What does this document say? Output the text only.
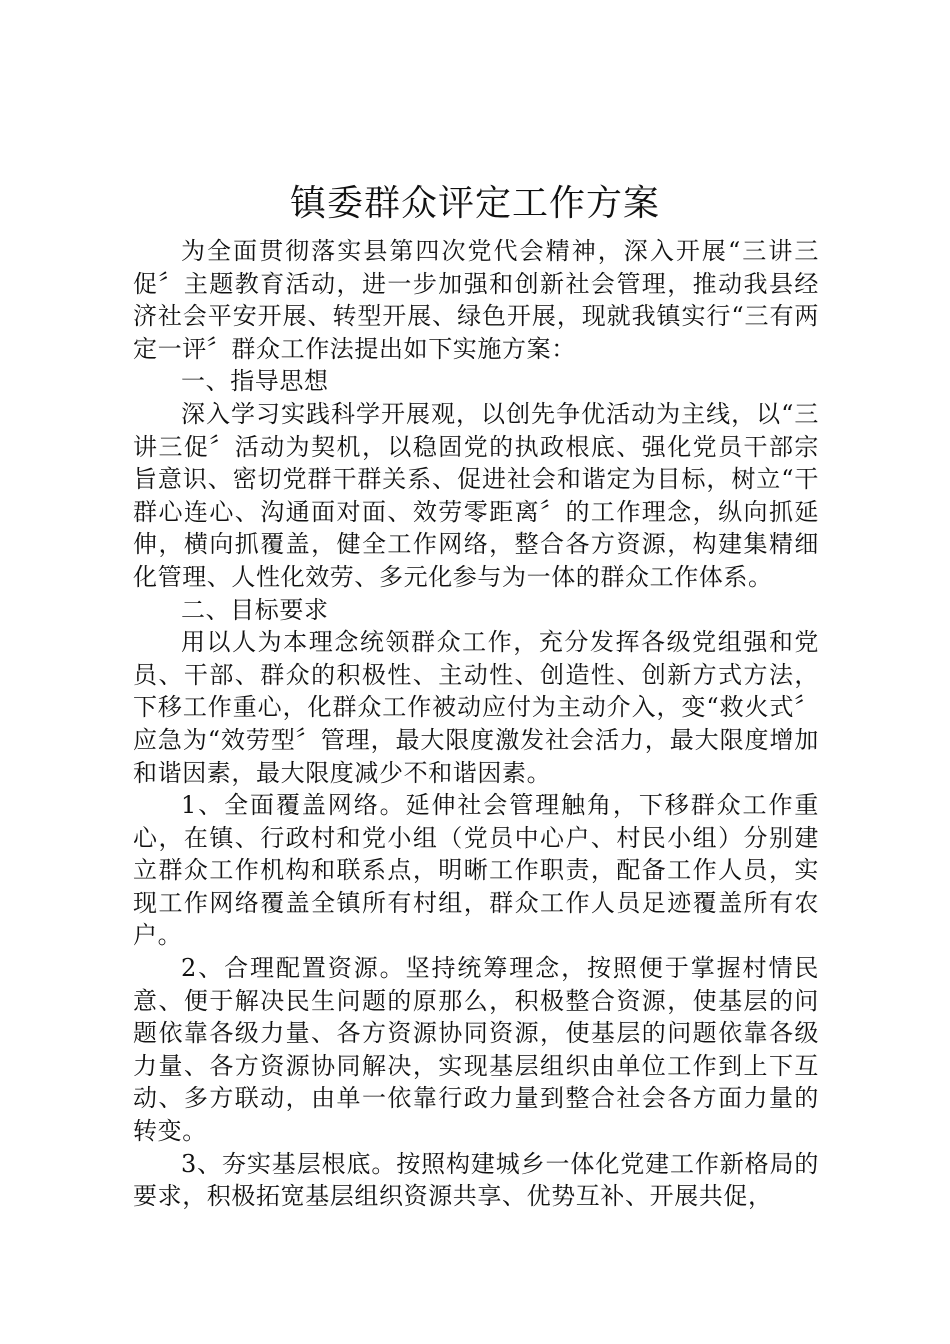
镇委群众评定工作方案

为全面贯彻落实县第四次党代会精神，深入开展“三讲三促〞主题教育活动，进一步加强和创新社会管理，推动我县经济社会平安开展、转型开展、绿色开展，现就我镇实行“三有两定一评〞群众工作法提出如下实施方案：

一、指导思想

深入学习实践科学开展观，以创先争优活动为主线，以“三讲三促〞活动为契机，以稳固党的执政根底、强化党员干部宗旨意识、密切党群干群关系、促进社会和谐定为目标，树立“干群心连心、沟通面对面、效劳零距离〞的工作理念，纵向抓延伸，横向抓覆盖，健全工作网络，整合各方资源，构建集精细化管理、人性化效劳、多元化参与为一体的群众工作体系。

二、目标要求

用以人为本理念统领群众工作，充分发挥各级党组强和党员、干部、群众的积极性、主动性、创造性、创新方式方法，下移工作重心，化群众工作被动应付为主动介入，变“救火式〞应急为“效劳型〞管理，最大限度激发社会活力，最大限度增加和谐因素，最大限度减少不和谐因素。

1、全面覆盖网络。延伸社会管理触角，下移群众工作重心，在镇、行政村和党小组（党员中心户、村民小组）分别建立群众工作机构和联系点，明晰工作职责，配备工作人员，实现工作网络覆盖全镇所有村组，群众工作人员足迹覆盖所有农户。

2、合理配置资源。坚持统筹理念，按照便于掌握村情民意、便于解决民生问题的原那么，积极整合资源，使基层的问题依靠各级力量、各方资源协同资源，使基层的问题依靠各级力量、各方资源协同解决，实现基层组织由单位工作到上下互动、多方联动，由单一依靠行政力量到整合社会各方面力量的转变。

3、夯实基层根底。按照构建城乡一体化党建工作新格局的要求，积极拓宽基层组织资源共享、优势互补、开展共促，
